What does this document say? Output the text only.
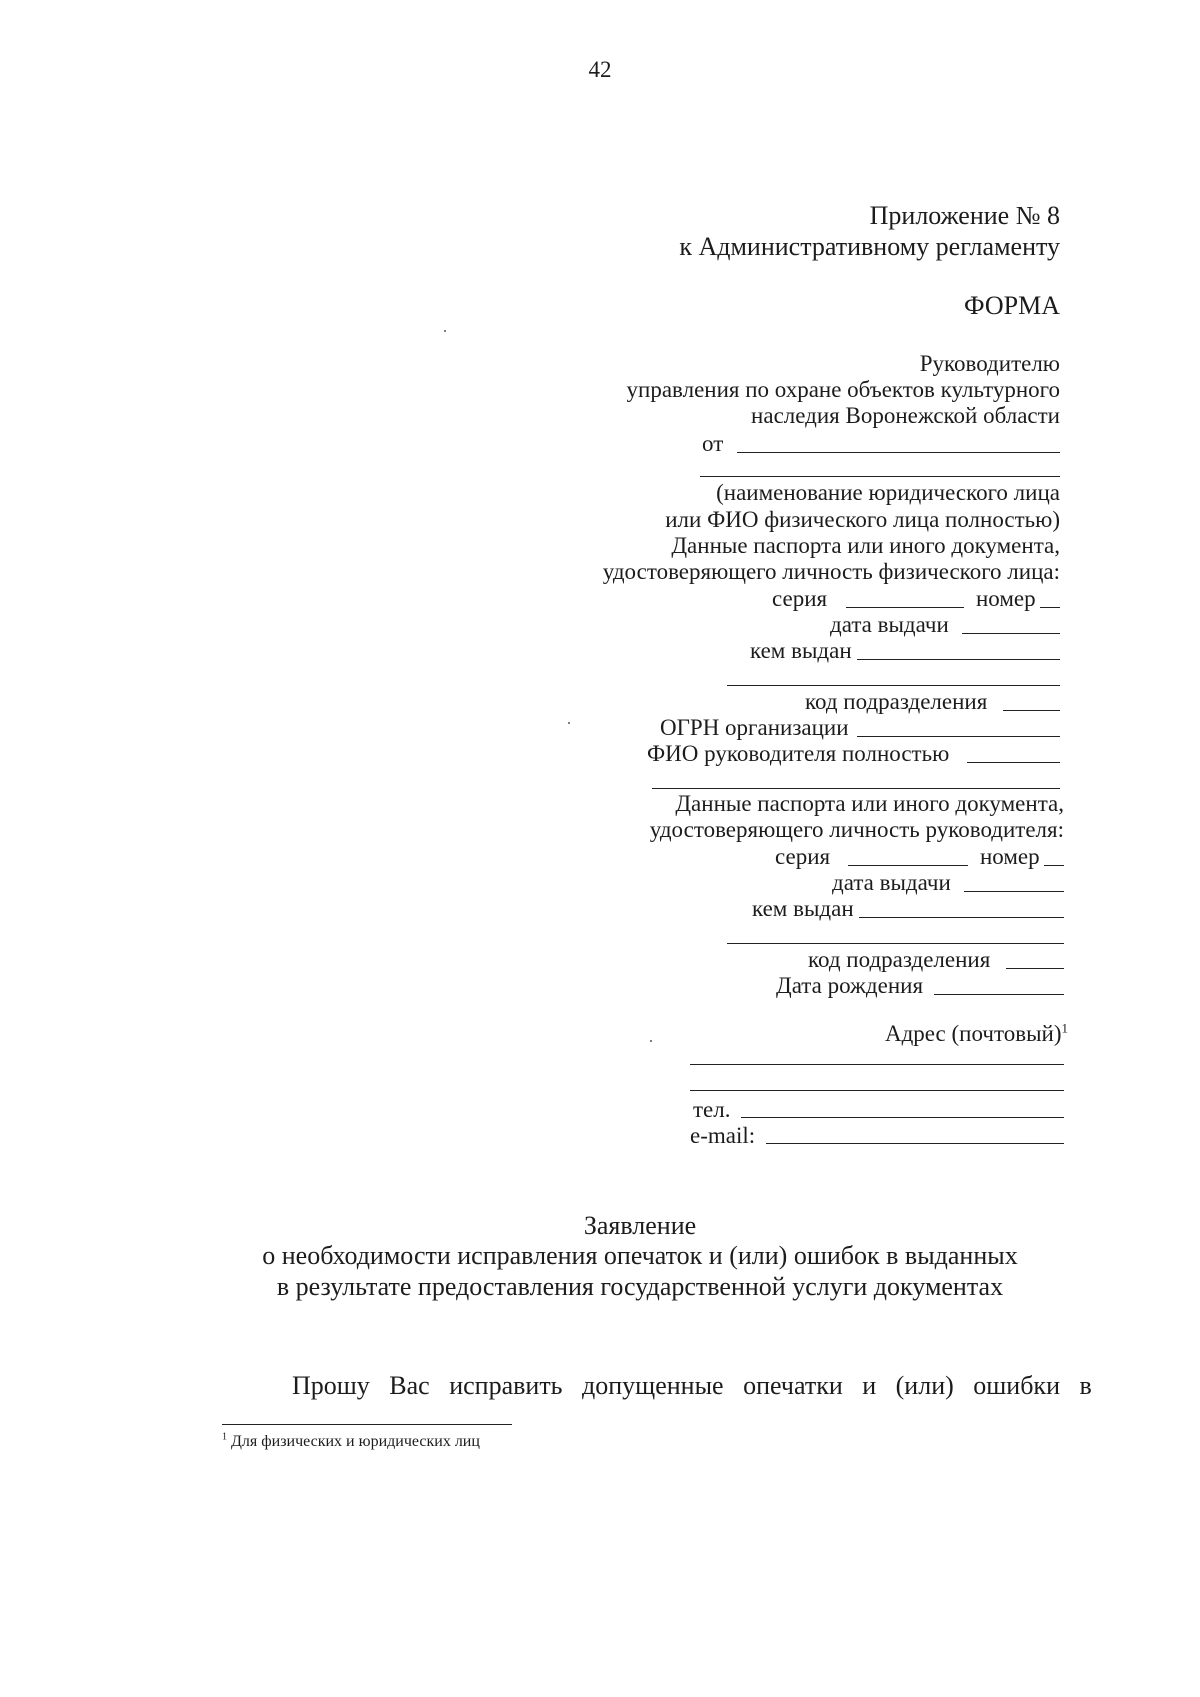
42
Приложение № 8
к Административному регламенту
ФОРМА
Руководителю
управления по охране объектов культурного
наследия Воронежской области
от
(наименование юридического лица
или ФИО физического лица полностью)
Данные паспорта или иного документа,
удостоверяющего личность физического лица:
серия	номер
дата выдачи
кем выдан
код подразделения
ОГРН организации
ФИО руководителя полностью
Данные паспорта или иного документа,
удостоверяющего личность руководителя:
серия	номер
дата выдачи
кем выдан
код подразделения
Дата рождения
Адрес (почтовый)$^1$
тел.
e-mail:
Заявление
о необходимости исправления опечаток и (или) ошибок в выданных
в результате предоставления государственной услуги документах
Прошу   Вас   исправить   допущенные   опечатки   и   (или)   ошибки   в
$^1$ Для физических и юридических лиц
